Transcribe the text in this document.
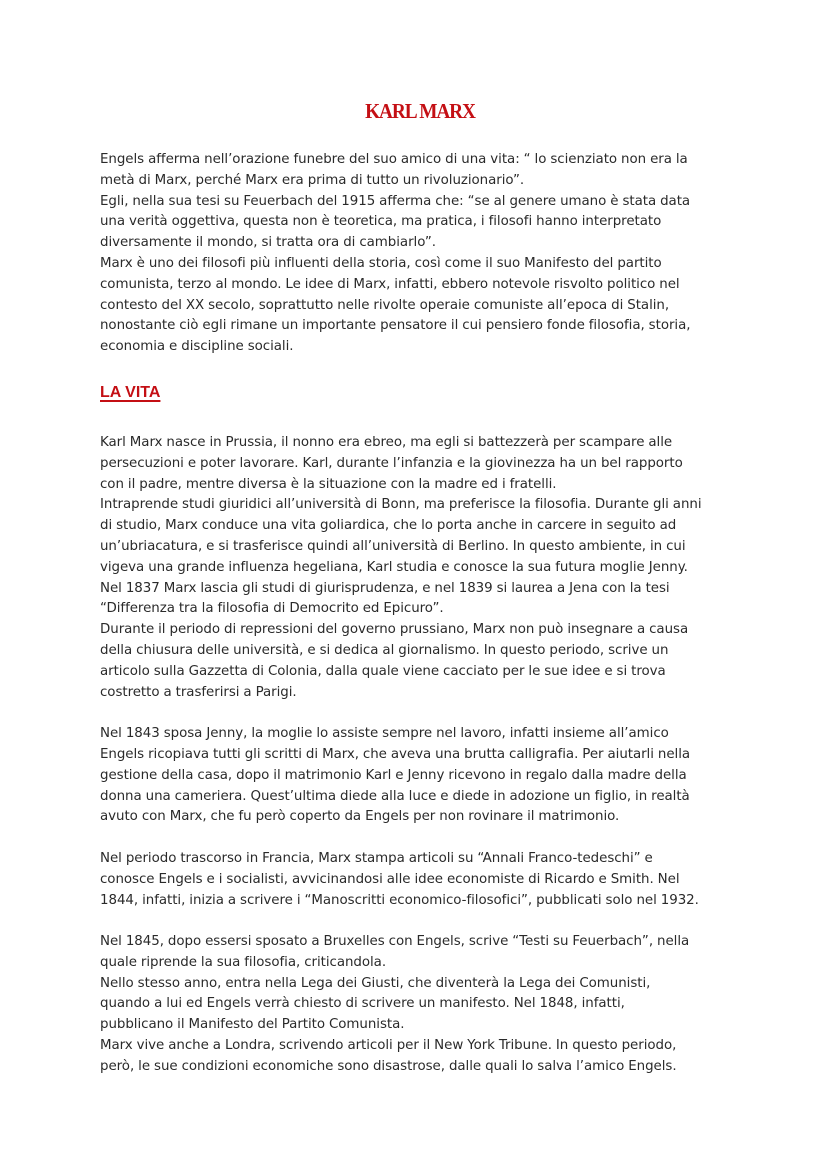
KARL MARX

Engels afferma nell’orazione funebre del suo amico di una vita: “ lo scienziato non era la
metà di Marx, perché Marx era prima di tutto un rivoluzionario”.
Egli, nella sua tesi su Feuerbach del 1915 afferma che: “se al genere umano è stata data
una verità oggettiva, questa non è teoretica, ma pratica, i filosofi hanno interpretato
diversamente il mondo, si tratta ora di cambiarlo”.
Marx è uno dei filosofi più influenti della storia, così come il suo Manifesto del partito
comunista, terzo al mondo. Le idee di Marx, infatti, ebbero notevole risvolto politico nel
contesto del XX secolo, soprattutto nelle rivolte operaie comuniste all’epoca di Stalin,
nonostante ciò egli rimane un importante pensatore il cui pensiero fonde filosofia, storia,
economia e discipline sociali.

LA VITA

Karl Marx nasce in Prussia, il nonno era ebreo, ma egli si battezzerà per scampare alle
persecuzioni e poter lavorare. Karl, durante l’infanzia e la giovinezza ha un bel rapporto
con il padre, mentre diversa è la situazione con la madre ed i fratelli.
Intraprende studi giuridici all’università di Bonn, ma preferisce la filosofia. Durante gli anni
di studio, Marx conduce una vita goliardica, che lo porta anche in carcere in seguito ad
un’ubriacatura, e si trasferisce quindi all’università di Berlino. In questo ambiente, in cui
vigeva una grande influenza hegeliana, Karl studia e conosce la sua futura moglie Jenny.
Nel 1837 Marx lascia gli studi di giurisprudenza, e nel 1839 si laurea a Jena con la tesi
“Differenza tra la filosofia di Democrito ed Epicuro”.
Durante il periodo di repressioni del governo prussiano, Marx non può insegnare a causa
della chiusura delle università, e si dedica al giornalismo. In questo periodo, scrive un
articolo sulla Gazzetta di Colonia, dalla quale viene cacciato per le sue idee e si trova
costretto a trasferirsi a Parigi.

Nel 1843 sposa Jenny, la moglie lo assiste sempre nel lavoro, infatti insieme all’amico
Engels ricopiava tutti gli scritti di Marx, che aveva una brutta calligrafia. Per aiutarli nella
gestione della casa, dopo il matrimonio Karl e Jenny ricevono in regalo dalla madre della
donna una cameriera. Quest’ultima diede alla luce e diede in adozione un figlio, in realtà
avuto con Marx, che fu però coperto da Engels per non rovinare il matrimonio.

Nel periodo trascorso in Francia, Marx stampa articoli su “Annali Franco-tedeschi” e
conosce Engels e i socialisti, avvicinandosi alle idee economiste di Ricardo e Smith. Nel
1844, infatti, inizia a scrivere i “Manoscritti economico-filosofici”, pubblicati solo nel 1932.

Nel 1845, dopo essersi sposato a Bruxelles con Engels, scrive “Testi su Feuerbach”, nella
quale riprende la sua filosofia, criticandola.
Nello stesso anno, entra nella Lega dei Giusti, che diventerà la Lega dei Comunisti,
quando a lui ed Engels verrà chiesto di scrivere un manifesto. Nel 1848, infatti,
pubblicano il Manifesto del Partito Comunista.
Marx vive anche a Londra, scrivendo articoli per il New York Tribune. In questo periodo,
però, le sue condizioni economiche sono disastrose, dalle quali lo salva l’amico Engels.
